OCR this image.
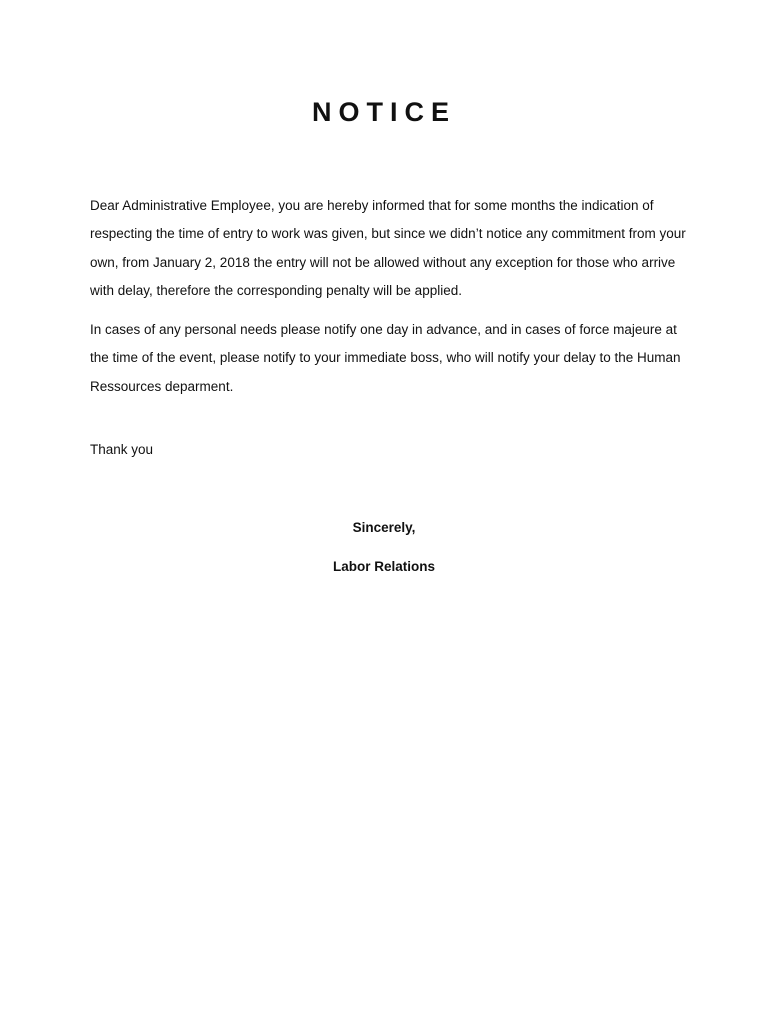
NOTICE

Dear Administrative Employee, you are hereby informed that for some months the indication of respecting the time of entry to work was given, but since we didn’t notice any commitment from your own, from January 2, 2018 the entry will not be allowed without any exception for those who arrive with delay, therefore the corresponding penalty will be applied.

In cases of any personal needs please notify one day in advance, and in cases of force majeure at the time of the event, please notify to your immediate boss, who will notify your delay to the Human Ressources deparment.

Thank you
Sincerely,
Labor Relations
